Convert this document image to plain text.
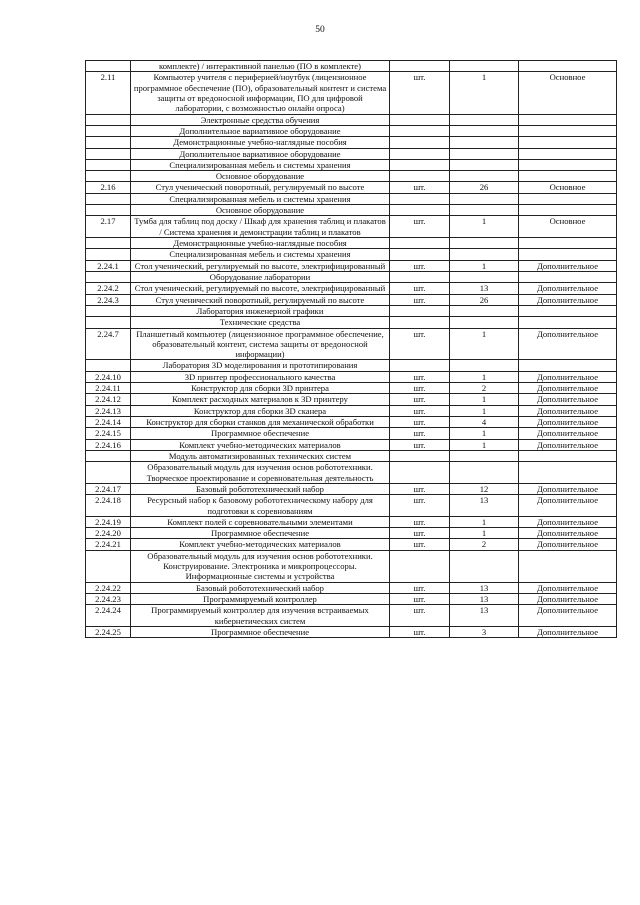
50
	комплекте) / интерактивной панелью (ПО в комплекте)			
2.11	Компьютер учителя с периферией/ноутбук (лицензионное программное обеспечение (ПО), образовательный контент и система защиты от вредоносной информации, ПО для цифровой лаборатории, с возможностью онлайн опроса)	шт.	1	Основное
	Электронные средства обучения			
	Дополнительное вариативное оборудование			
	Демонстрационные учебно-наглядные пособия			
	Дополнительное вариативное оборудование			
	Специализированная мебель и системы хранения			
	Основное оборудование			
2.16	Стул ученический поворотный, регулируемый по высоте	шт.	26	Основное
	Специализированная мебель и системы хранения			
	Основное оборудование			
2.17	Тумба для таблиц под доску / Шкаф для хранения таблиц и плакатов / Система хранения и демонстрации таблиц и плакатов	шт.	1	Основное
	Демонстрационные учебно-наглядные пособия			
	Специализированная мебель и системы хранения			
2.24.1	Стол ученический, регулируемый по высоте, электрифицированный	шт.	1	Дополнительное
	Оборудование лаборатории			
2.24.2	Стол ученический, регулируемый по высоте, электрифицированный	шт.	13	Дополнительное
2.24.3	Стул ученический поворотный, регулируемый по высоте	шт.	26	Дополнительное
	Лаборатория инженерной графики			
	Технические средства			
2.24.7	Планшетный компьютер (лицензионное программное обеспечение, образовательный контент, система защиты от вредоносной информации)	шт.	1	Дополнительное
	Лаборатория 3D моделирования и прототипирования			
2.24.10	3D принтер профессионального качества	шт.	1	Дополнительное
2.24.11	Конструктор для сборки 3D принтера	шт.	2	Дополнительное
2.24.12	Комплект расходных материалов к 3D принтеру	шт.	1	Дополнительное
2.24.13	Конструктор для сборки 3D сканера	шт.	1	Дополнительное
2.24.14	Конструктор для сборки станков для механической обработки	шт.	4	Дополнительное
2.24.15	Программное обеспечение	шт.	1	Дополнительное
2.24.16	Комплект учебно-методических материалов	шт.	1	Дополнительное
	Модуль автоматизированных технических систем			
	Образовательный модуль для изучения основ робототехники. Творческое проектирование и соревновательная деятельность			
2.24.17	Базовый робототехнический набор	шт.	12	Дополнительное
2.24.18	Ресурсный набор к базовому робототехническому набору для подготовки к соревнованиям	шт.	13	Дополнительное
2.24.19	Комплект полей с соревновательными элементами	шт.	1	Дополнительное
2.24.20	Программное обеспечение	шт.	1	Дополнительное
2.24.21	Комплект учебно-методических материалов	шт.	2	Дополнительное
	Образовательный модуль для изучения основ робототехники. Конструирование. Электроника и микропроцессоры. Информационные системы и устройства			
2.24.22	Базовый робототехнический набор	шт.	13	Дополнительное
2.24.23	Программируемый контроллер	шт.	13	Дополнительное
2.24.24	Программируемый контроллер для изучения встраиваемых кибернетических систем	шт.	13	Дополнительное
2.24.25	Программное обеспечение	шт.	3	Дополнительное
